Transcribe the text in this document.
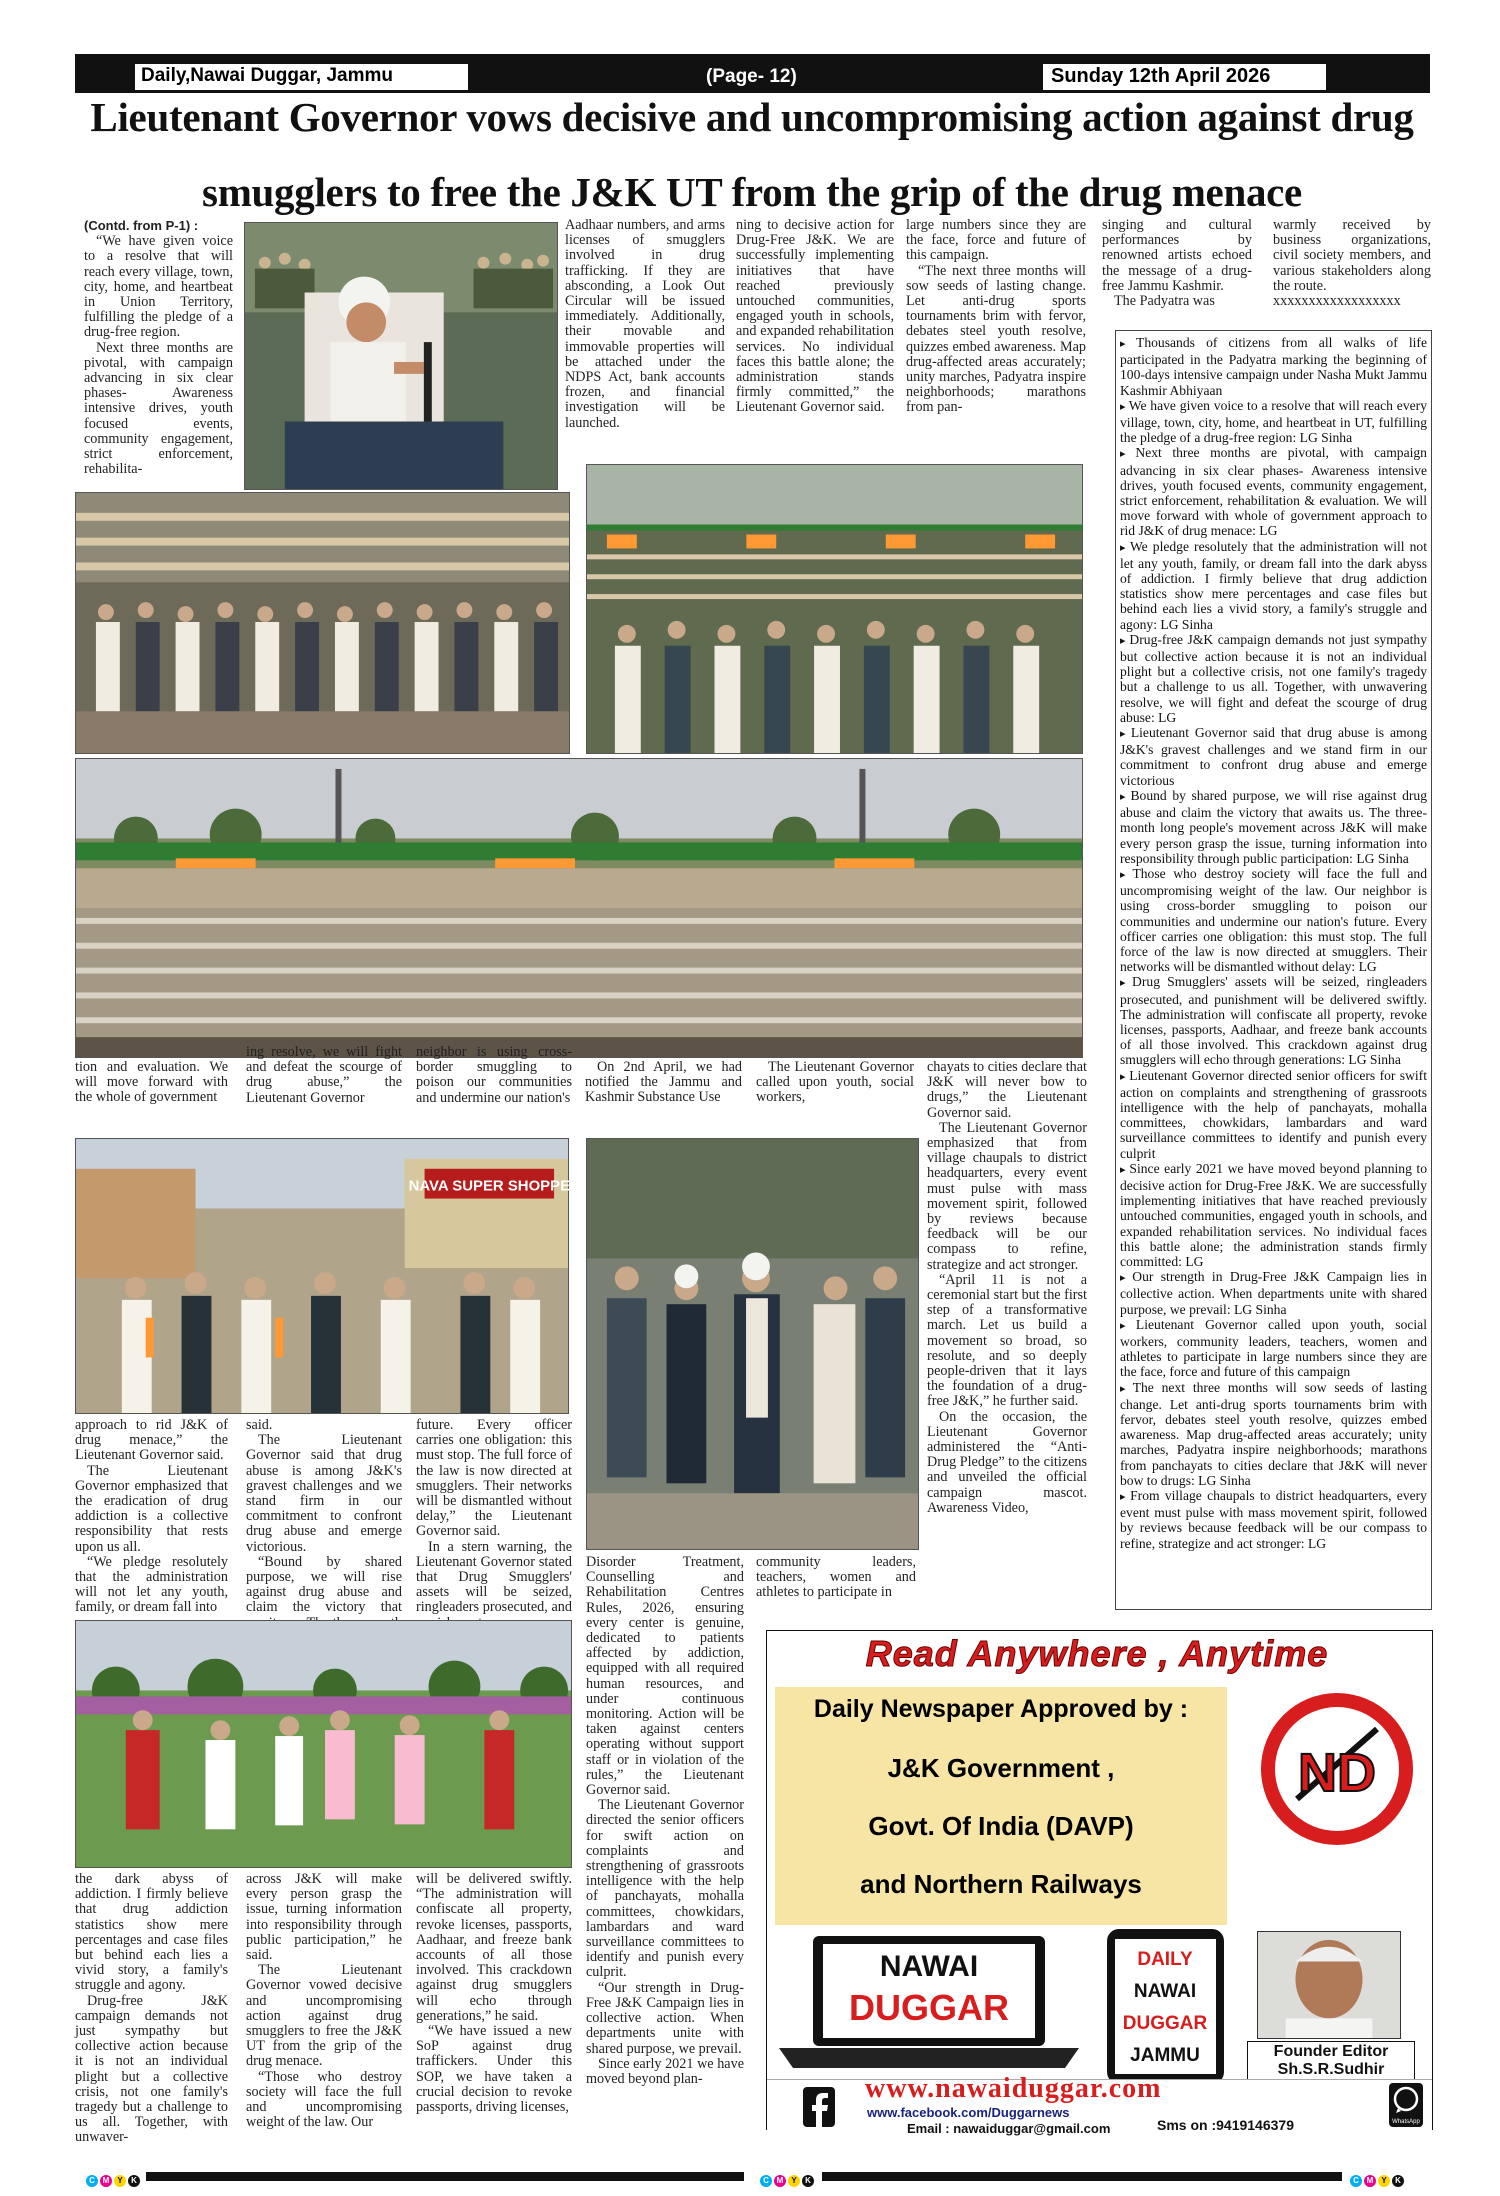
Daily,Nawai Duggar, Jammu	(Page- 12)	Sunday 12th April 2026
Lieutenant Governor vows decisive and uncompromising action against drug
smugglers to free the J&K UT from the grip of the drug menace

(Contd. from P-1) :

“We have given voice to a resolve that will reach every village, town, city, home, and heartbeat in Union Territory, fulfilling the pledge of a drug-free region.

Next three months are pivotal, with campaign advancing in six clear phases- Awareness intensive drives, youth focused events, community engagement, strict enforcement, rehabilita-

Aadhaar numbers, and arms licenses of smugglers involved in drug trafficking. If they are absconding, a Look Out Circular will be issued immediately. Additionally, their movable and immovable properties will be attached under the NDPS Act, bank accounts frozen, and financial investigation will be launched.

ning to decisive action for Drug-Free J&K. We are successfully implementing initiatives that have reached previously untouched communities, engaged youth in schools, and expanded rehabilitation services. No individual faces this battle alone; the administration stands firmly committed,” the Lieutenant Governor said.

large numbers since they are the face, force and future of this campaign.

“The next three months will sow seeds of lasting change. Let anti-drug sports tournaments brim with fervor, debates steel youth resolve, quizzes embed awareness. Map drug-affected areas accurately; unity marches, Padyatra inspire neighborhoods; marathons from pan-

singing and cultural performances by renowned artists echoed the message of a drug-free Jammu Kashmir.

The Padyatra was

warmly received by business organizations, civil society members, and various stakeholders along the route.

xxxxxxxxxxxxxxxxxx

tion and evaluation. We will move forward with the whole of government

ing resolve, we will fight and defeat the scourge of drug abuse,” the Lieutenant Governor

neighbor is using cross-border smuggling to poison our communities and undermine our nation's

On 2nd April, we had notified the Jammu and Kashmir Substance Use

The Lieutenant Governor called upon youth, social workers,

chayats to cities declare that J&K will never bow to drugs,” the Lieutenant Governor said.

The Lieutenant Governor emphasized that from village chaupals to district headquarters, every event must pulse with mass movement spirit, followed by reviews because feedback will be our compass to refine, strategize and act stronger.

“April 11 is not a ceremonial start but the first step of a transformative march. Let us build a movement so broad, so resolute, and so deeply people-driven that it lays the foundation of a drug-free J&K,” he further said.

On the occasion, the Lieutenant Governor administered the “Anti-Drug Pledge” to the citizens and unveiled the official campaign mascot. Awareness Video,

NAVA SUPER SHOPPE

approach to rid J&K of drug menace,” the Lieutenant Governor said.

The Lieutenant Governor emphasized that the eradication of drug addiction is a collective responsibility that rests upon us all.

“We pledge resolutely that the administration will not let any youth, family, or dream fall into

said.

The Lieutenant Governor said that drug abuse is among J&K's gravest challenges and we stand firm in our commitment to confront drug abuse and emerge victorious.

“Bound by shared purpose, we will rise against drug abuse and claim the victory that

future. Every officer carries one obligation: this must stop. The full force of the law is now directed at smugglers. Their networks will be dismantled without delay,” the Lieutenant Governor said.

In a stern warning, the Lieutenant Governor stated that Drug Smugglers' assets will be seized, ringleaders prosecuted, and

Disorder Treatment, Counselling and Rehabilitation Centres Rules, 2026, ensuring every center is genuine, dedicated to patients affected by addiction, equipped with all required human resources, and under continuous monitoring. Action will be taken against centers operating without support staff or in violation of the rules,” the Lieutenant Governor said.

The Lieutenant Governor directed the senior officers for swift action on complaints and strengthening of grassroots intelligence with the help of panchayats, mohalla committees, chowkidars, lambardars and ward surveillance committees to identify and punish every culprit.

“Our strength in Drug-Free J&K Campaign lies in collective action. When departments unite with shared purpose, we prevail.

Since early 2021 we have moved beyond plan-

community leaders, teachers, women and athletes to participate in

the dark abyss of addiction. I firmly believe that drug addiction statistics show mere percentages and case files but behind each lies a vivid story, a family's struggle and agony.

Drug-free J&K campaign demands not just sympathy but collective action because it is not an individual plight but a collective crisis, not one family's tragedy but a challenge to us all. Together, with unwaver-

across J&K will make every person grasp the issue, turning information into responsibility through public participation,” he said.

The Lieutenant Governor vowed decisive and uncompromising action against drug smugglers to free the J&K UT from the grip of the drug menace.

“Those who destroy society will face the full and uncompromising weight of the law. Our

will be delivered swiftly. “The administration will confiscate all property, revoke licenses, passports, Aadhaar, and freeze bank accounts of all those involved. This crackdown against drug smugglers will echo through generations,” he said.

“We have issued a new SoP against drug traffickers. Under this SOP, we have taken a crucial decision to revoke passports, driving licenses,

▸ Thousands of citizens from all walks of life participated in the Padyatra marking the beginning of 100-days intensive campaign under Nasha Mukt Jammu Kashmir Abhiyaan

▸ We have given voice to a resolve that will reach every village, town, city, home, and heartbeat in UT, fulfilling the pledge of a drug-free region: LG Sinha

▸ Next three months are pivotal, with campaign advancing in six clear phases- Awareness intensive drives, youth focused events, community engagement, strict enforcement, rehabilitation & evaluation. We will move forward with whole of government approach to rid J&K of drug menace: LG

▸ We pledge resolutely that the administration will not let any youth, family, or dream fall into the dark abyss of addiction. I firmly believe that drug addiction statistics show mere percentages and case files but behind each lies a vivid story, a family's struggle and agony: LG Sinha

▸ Drug-free J&K campaign demands not just sympathy but collective action because it is not an individual plight but a collective crisis, not one family's tragedy but a challenge to us all. Together, with unwavering resolve, we will fight and defeat the scourge of drug abuse: LG

▸ Lieutenant Governor said that drug abuse is among J&K's gravest challenges and we stand firm in our commitment to confront drug abuse and emerge victorious

▸ Bound by shared purpose, we will rise against drug abuse and claim the victory that awaits us. The three-month long people's movement across J&K will make every person grasp the issue, turning information into responsibility through public participation: LG Sinha

▸ Those who destroy society will face the full and uncompromising weight of the law. Our neighbor is using cross-border smuggling to poison our communities and undermine our nation's future. Every officer carries one obligation: this must stop. The full force of the law is now directed at smugglers. Their networks will be dismantled without delay: LG

▸ Drug Smugglers' assets will be seized, ringleaders prosecuted, and punishment will be delivered swiftly. The administration will confiscate all property, revoke licenses, passports, Aadhaar, and freeze bank accounts of all those involved. This crackdown against drug smugglers will echo through generations: LG Sinha

▸ Lieutenant Governor directed senior officers for swift action on complaints and strengthening of grassroots intelligence with the help of panchayats, mohalla committees, chowkidars, lambardars and ward surveillance committees to identify and punish every culprit

▸ Since early 2021 we have moved beyond planning to decisive action for Drug-Free J&K. We are successfully implementing initiatives that have reached previously untouched communities, engaged youth in schools, and expanded rehabilitation services. No individual faces this battle alone; the administration stands firmly committed: LG

▸ Our strength in Drug-Free J&K Campaign lies in collective action. When departments unite with shared purpose, we prevail: LG Sinha

▸ Lieutenant Governor called upon youth, social workers, community leaders, teachers, women and athletes to participate in large numbers since they are the face, force and future of this campaign

▸ The next three months will sow seeds of lasting change. Let anti-drug sports tournaments brim with fervor, debates steel youth resolve, quizzes embed awareness. Map drug-affected areas accurately; unity marches, Padyatra inspire neighborhoods; marathons from panchayats to cities declare that J&K will never bow to drugs: LG Sinha

▸ From village chaupals to district headquarters, every event must pulse with mass movement spirit, followed by reviews because feedback will be our compass to refine, strategize and act stronger: LG

Read Anywhere , Anytime
Daily Newspaper Approved by :
J&K Government ,
Govt. Of India (DAVP)
and Northern Railways
ND
NAWAI
DUGGAR
DAILY
NAWAI
DUGGAR
JAMMU	Founder Editor
Sh.S.R.Sudhir
www.nawaiduggar.com
www.facebook.com/Duggarnews
Email : nawaiduggar@gmail.com	Sms on :9419146379	WhatsApp
C M Y K	C M Y K	C M Y K
